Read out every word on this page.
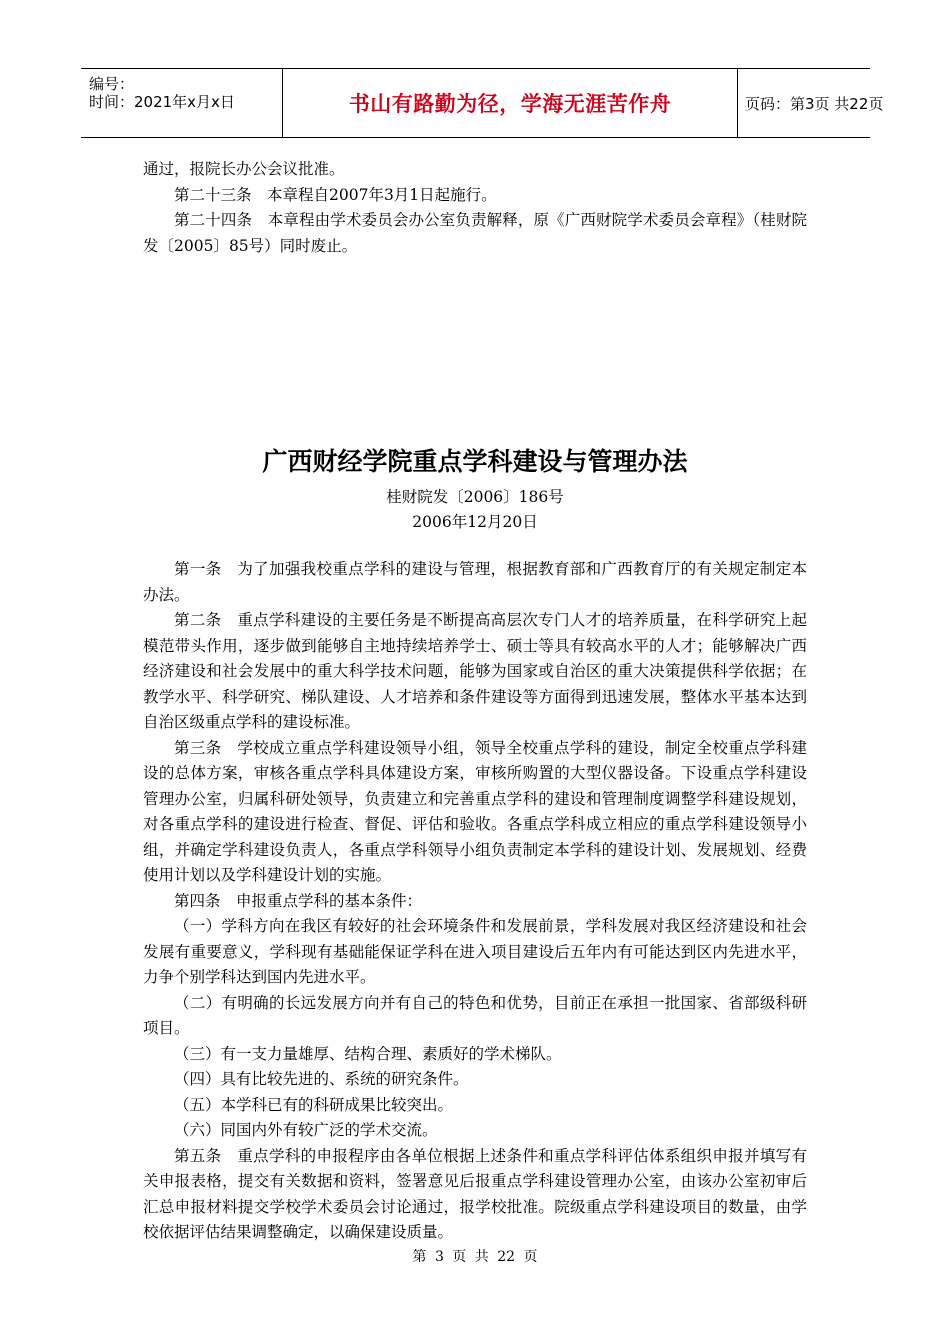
编号：
时间：2021年x月x日	书山有路勤为径，学海无涯苦作舟	页码：第3页 共22页

通过，报院长办公会议批准。

第二十三条　本章程自2007年3月1日起施行。

第二十四条　本章程由学术委员会办公室负责解释，原《广西财院学术委员会章程》（桂财院发〔2005〕85号）同时废止。

广西财经学院重点学科建设与管理办法
桂财院发〔2006〕186号
2006年12月20日

第一条　为了加强我校重点学科的建设与管理，根据教育部和广西教育厅的有关规定制定本办法。

第二条　重点学科建设的主要任务是不断提高高层次专门人才的培养质量，在科学研究上起模范带头作用，逐步做到能够自主地持续培养学士、硕士等具有较高水平的人才；能够解决广西经济建设和社会发展中的重大科学技术问题，能够为国家或自治区的重大决策提供科学依据；在教学水平、科学研究、梯队建设、人才培养和条件建设等方面得到迅速发展，整体水平基本达到自治区级重点学科的建设标准。

第三条　学校成立重点学科建设领导小组，领导全校重点学科的建设，制定全校重点学科建设的总体方案，审核各重点学科具体建设方案，审核所购置的大型仪器设备。下设重点学科建设管理办公室，归属科研处领导，负责建立和完善重点学科的建设和管理制度调整学科建设规划，对各重点学科的建设进行检查、督促、评估和验收。各重点学科成立相应的重点学科建设领导小组，并确定学科建设负责人，各重点学科领导小组负责制定本学科的建设计划、发展规划、经费使用计划以及学科建设计划的实施。

第四条　申报重点学科的基本条件：

（一）学科方向在我区有较好的社会环境条件和发展前景，学科发展对我区经济建设和社会发展有重要意义，学科现有基础能保证学科在进入项目建设后五年内有可能达到区内先进水平，力争个别学科达到国内先进水平。

（二）有明确的长远发展方向并有自己的特色和优势，目前正在承担一批国家、省部级科研项目。

（三）有一支力量雄厚、结构合理、素质好的学术梯队。

（四）具有比较先进的、系统的研究条件。

（五）本学科已有的科研成果比较突出。

（六）同国内外有较广泛的学术交流。

第五条　重点学科的申报程序由各单位根据上述条件和重点学科评估体系组织申报并填写有关申报表格，提交有关数据和资料，签署意见后报重点学科建设管理办公室，由该办公室初审后汇总申报材料提交学校学术委员会讨论通过，报学校批准。院级重点学科建设项目的数量，由学校依据评估结果调整确定，以确保建设质量。

第 3 页 共 22 页
